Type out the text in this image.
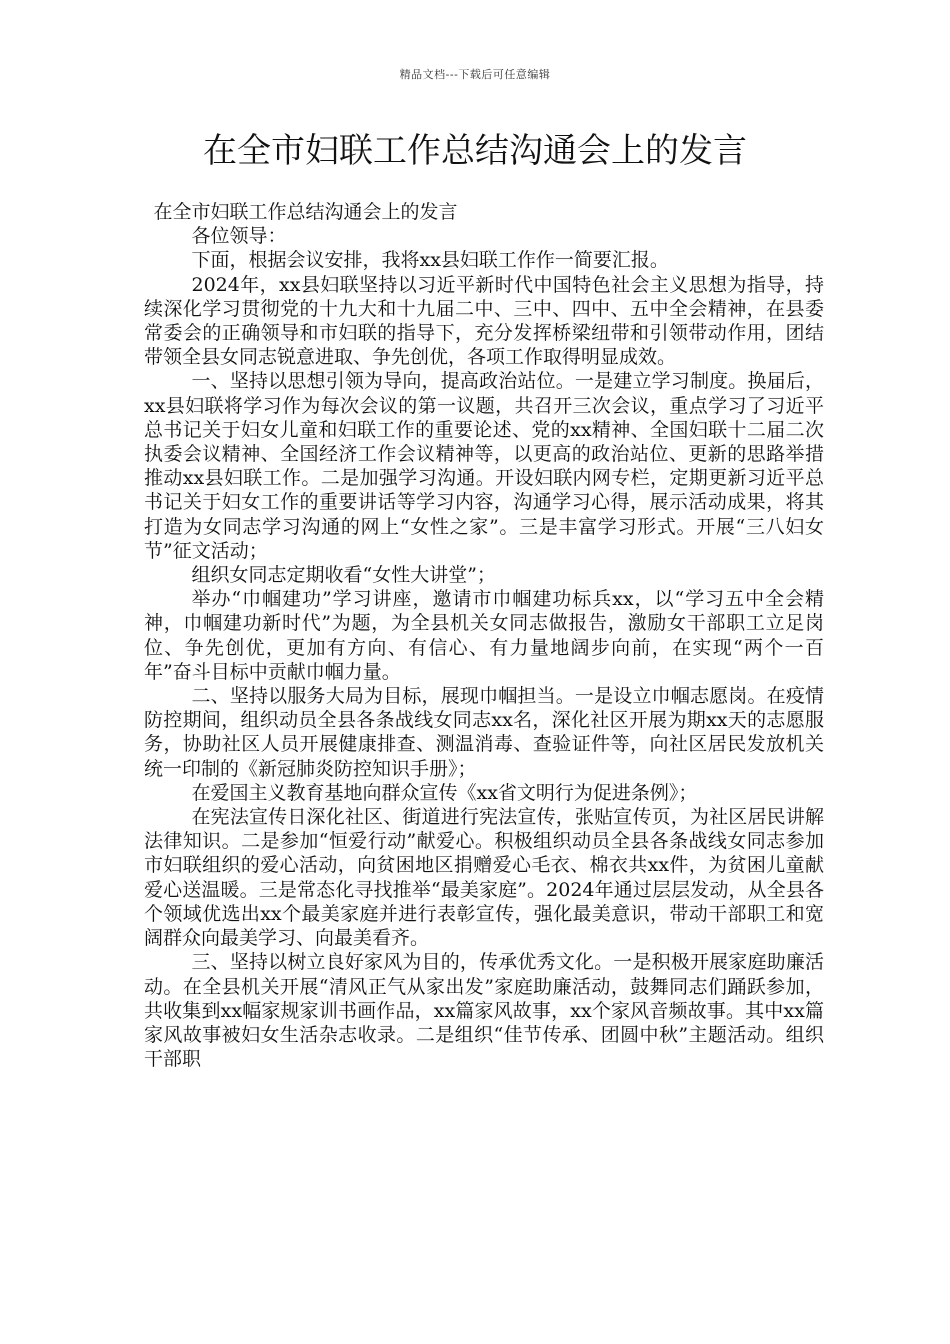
精品文档---下载后可任意编辑
在全市妇联工作总结沟通会上的发言

在全市妇联工作总结沟通会上的发言

各位领导：

下面，根据会议安排，我将xx县妇联工作作一简要汇报。

2024年，xx县妇联坚持以习近平新时代中国特色社会主义思想为指导，持续深化学习贯彻党的十九大和十九届二中、三中、四中、五中全会精神，在县委常委会的正确领导和市妇联的指导下，充分发挥桥梁纽带和引领带动作用，团结带领全县女同志锐意进取、争先创优，各项工作取得明显成效。

一、坚持以思想引领为导向，提高政治站位。一是建立学习制度。换届后，xx县妇联将学习作为每次会议的第一议题，共召开三次会议，重点学习了习近平总书记关于妇女儿童和妇联工作的重要论述、党的xx精神、全国妇联十二届二次执委会议精神、全国经济工作会议精神等，以更高的政治站位、更新的思路举措推动xx县妇联工作。二是加强学习沟通。开设妇联内网专栏，定期更新习近平总书记关于妇女工作的重要讲话等学习内容，沟通学习心得，展示活动成果，将其打造为女同志学习沟通的网上“女性之家”。三是丰富学习形式。开展“三八妇女节”征文活动；

组织女同志定期收看“女性大讲堂”；

举办“巾帼建功”学习讲座，邀请市巾帼建功标兵xx，以“学习五中全会精神，巾帼建功新时代”为题，为全县机关女同志做报告，激励女干部职工立足岗位、争先创优，更加有方向、有信心、有力量地阔步向前，在实现“两个一百年”奋斗目标中贡献巾帼力量。

二、坚持以服务大局为目标，展现巾帼担当。一是设立巾帼志愿岗。在疫情防控期间，组织动员全县各条战线女同志xx名，深化社区开展为期xx天的志愿服务，协助社区人员开展健康排查、测温消毒、查验证件等，向社区居民发放机关统一印制的《新冠肺炎防控知识手册》；

在爱国主义教育基地向群众宣传《xx省文明行为促进条例》；

在宪法宣传日深化社区、街道进行宪法宣传，张贴宣传页，为社区居民讲解法律知识。二是参加“恒爱行动”献爱心。积极组织动员全县各条战线女同志参加市妇联组织的爱心活动，向贫困地区捐赠爱心毛衣、棉衣共xx件，为贫困儿童献爱心送温暖。三是常态化寻找推举“最美家庭”。2024年通过层层发动，从全县各个领域优选出xx个最美家庭并进行表彰宣传，强化最美意识，带动干部职工和宽阔群众向最美学习、向最美看齐。

三、坚持以树立良好家风为目的，传承优秀文化。一是积极开展家庭助廉活动。在全县机关开展“清风正气从家出发”家庭助廉活动，鼓舞同志们踊跃参加，共收集到xx幅家规家训书画作品，xx篇家风故事，xx个家风音频故事。其中xx篇家风故事被妇女生活杂志收录。二是组织“佳节传承、团圆中秋”主题活动。组织干部职
